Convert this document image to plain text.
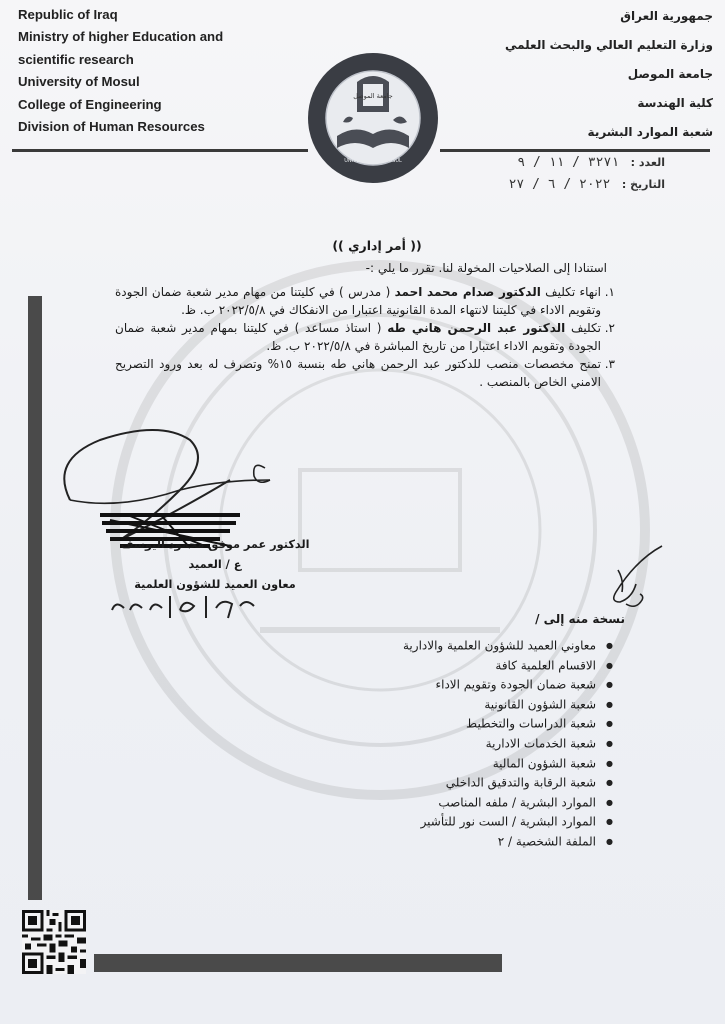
Republic of Iraq
Ministry of higher Education and
scientific research
University of Mosul
College of Engineering
Division of Human Resources
جمهورية العراق
وزارة التعليم العالي والبحث العلمي
جامعة الموصل
كلية الهندسة
شعبة الموارد البشرية
جامعة الموصل
UNIVERSITY OF MOSUL	العدد : ٣٢٧١ / ١١ / ٩
التاريخ : ٢٠٢٢ / ٦ / ٢٧
(( أمر إداري ))
استنادا إلى الصلاحيات المخولة لنا. تقرر ما يلي :-
١.
انهاء تكليف الدكتور صدام محمد احمد ( مدرس ) في كليتنا من مهام مدير شعبة ضمان الجودة وتقويم الاداء في كليتنا لانتهاء المدة القانونية اعتبارا من الانفكاك في ٢٠٢٢/٥/٨ ب. ظ.
٢.
تكليف الدكتور عبد الرحمن هاني طه ( استاذ مساعد ) في كليتنا بمهام مدير شعبة ضمان الجودة وتقويم الاداء اعتبارا من تاريخ المباشرة في ٢٠٢٢/٥/٨ ب. ظ.
٣.
تمنح مخصصات منصب للدكتور عبد الرحمن هاني طه بنسبة ١٥% وتصرف له بعد ورود التصريح الامني الخاص بالمنصب .
الدكتور عمر موفق محمود اليوسف
ع / العميد
معاون العميد للشؤون العلمية
نسخة منه إلى /
● معاوني العميد للشؤون العلمية والادارية
● الاقسام العلمية كافة
● شعبة ضمان الجودة وتقويم الاداء
● شعبة الشؤون القانونية
● شعبة الدراسات والتخطيط
● شعبة الخدمات الادارية
● شعبة الشؤون المالية
● شعبة الرقابة والتدقيق الداخلي
● الموارد البشرية / ملفه المناصب
● الموارد البشرية / الست نور للتأشير
● الملفة الشخصية / ٢
